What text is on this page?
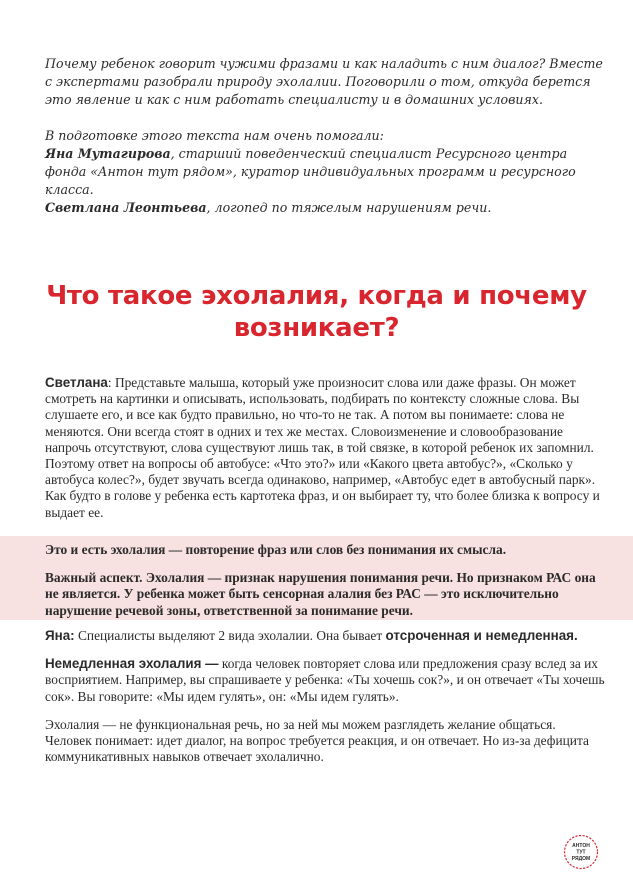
Почему ребенок говорит чужими фразами и как наладить с ним диалог? Вместе с экспертами разобрали природу эхолалии. Поговорили о том, откуда берется это явление и как с ним работать специалисту и в домашних условиях.

В подготовке этого текста нам очень помогали:

Яна Мутагирова, старший поведенческий специалист Ресурсного центра фонда «Антон тут рядом», куратор индивидуальных программ и ресурсного класса.

Светлана Леонтьева, логопед по тяжелым нарушениям речи.

Что такое эхолалия, когда и почему возникает?

Светлана: Представьте малыша, который уже произносит слова или даже фразы. Он может смотреть на картинки и описывать, использовать, подбирать по контексту сложные слова. Вы слушаете его, и все как будто правильно, но что-то не так. А потом вы понимаете: слова не меняются. Они всегда стоят в одних и тех же местах. Словоизменение и словообразование напрочь отсутствуют, слова существуют лишь так, в той связке, в которой ребенок их запомнил. Поэтому ответ на вопросы об автобусе: «Что это?» или «Какого цвета автобус?», «Сколько у автобуса колес?», будет звучать всегда одинаково, например, «Автобус едет в автобусный парк». Как будто в голове у ребенка есть картотека фраз, и он выбирает ту, что более близка к вопросу и выдает ее.

Это и есть эхолалия — повторение фраз или слов без понимания их смысла.

Важный аспект. Эхолалия — признак нарушения понимания речи. Но признаком РАС она не является. У ребенка может быть сенсорная алалия без РАС — это исключительно нарушение речевой зоны, ответственной за понимание речи.

Яна: Специалисты выделяют 2 вида эхолалии. Она бывает отсроченная и немедленная.

Немедленная эхолалия — когда человек повторяет слова или предложения сразу вслед за их восприятием. Например, вы спрашиваете у ребенка: «Ты хочешь сок?», и он отвечает «Ты хочешь сок». Вы говорите: «Мы идем гулять», он: «Мы идем гулять».

Эхолалия — не функциональная речь, но за ней мы можем разглядеть желание общаться. Человек понимает: идет диалог, на вопрос требуется реакция, и он отвечает. Но из-за дефицита коммуникативных навыков отвечает эхолалично.

АНТОН
ТУТ
РЯДОМ
